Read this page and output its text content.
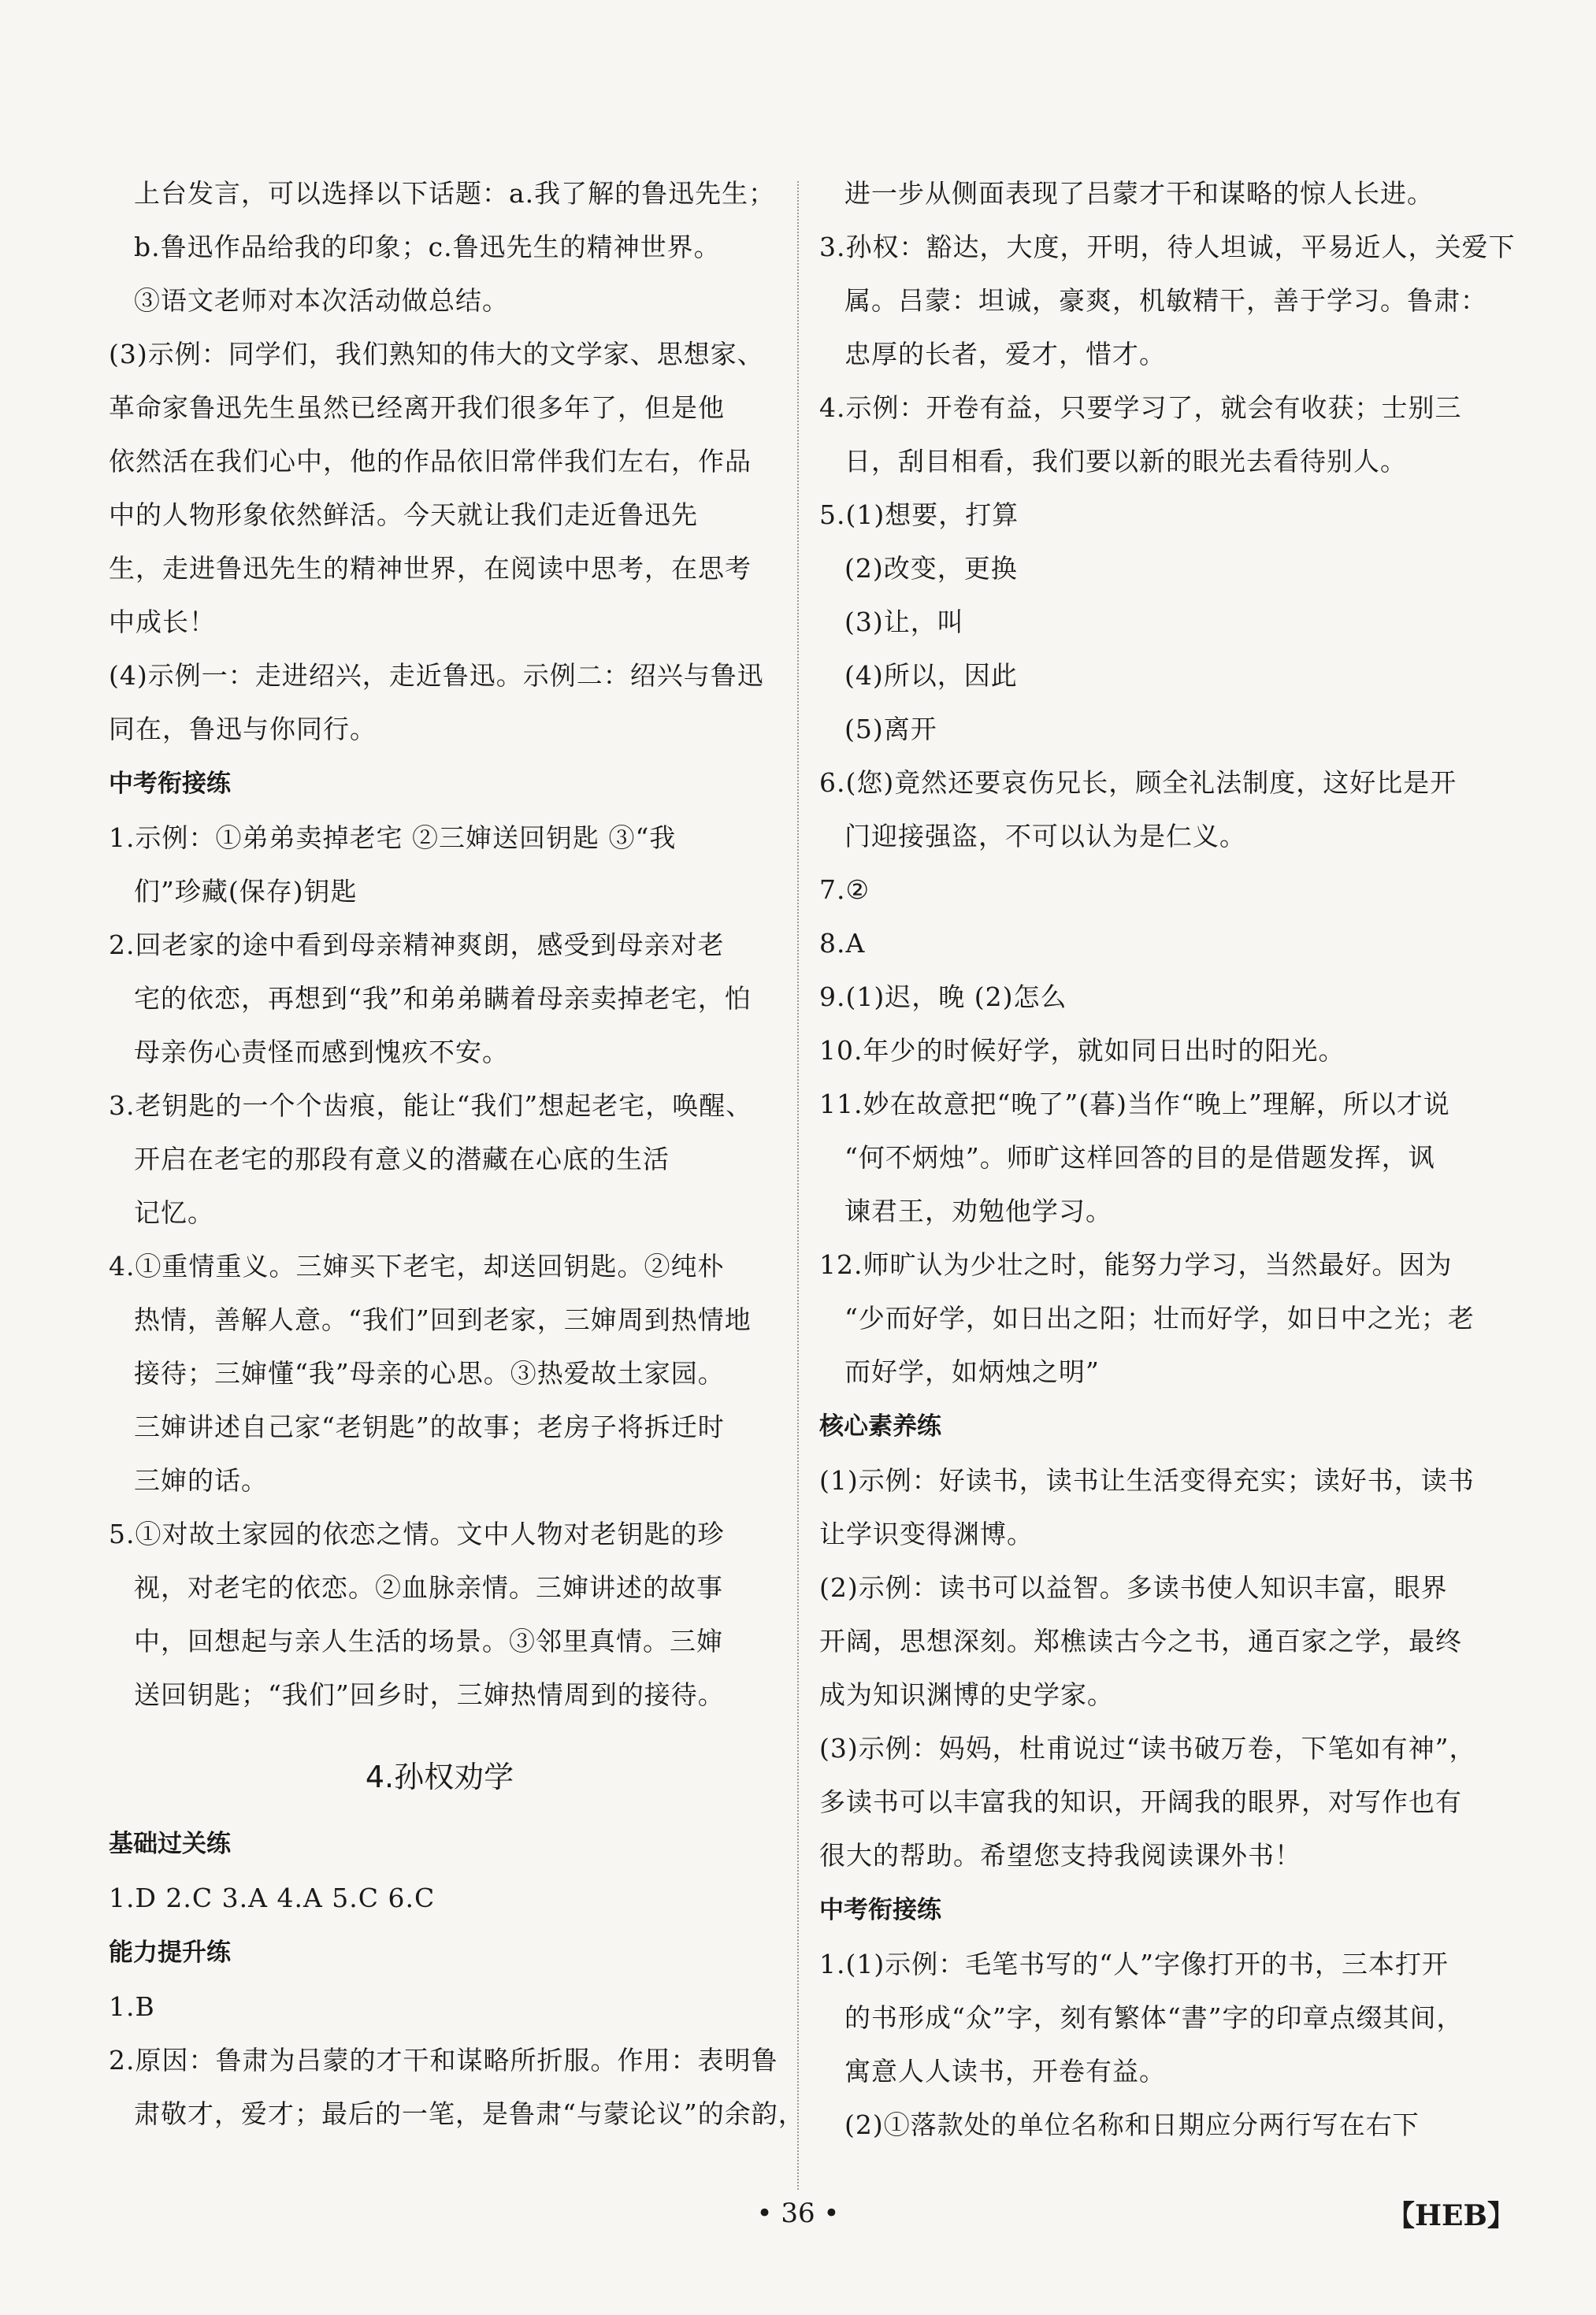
上台发言，可以选择以下话题：a.我了解的鲁迅先生；
b.鲁迅作品给我的印象；c.鲁迅先生的精神世界。
③语文老师对本次活动做总结。
(3)示例：同学们，我们熟知的伟大的文学家、思想家、
革命家鲁迅先生虽然已经离开我们很多年了，但是他
依然活在我们心中，他的作品依旧常伴我们左右，作品
中的人物形象依然鲜活。今天就让我们走近鲁迅先
生，走进鲁迅先生的精神世界，在阅读中思考，在思考
中成长！
(4)示例一：走进绍兴，走近鲁迅。示例二：绍兴与鲁迅
同在，鲁迅与你同行。
中考衔接练
1.示例：①弟弟卖掉老宅 ②三婶送回钥匙 ③“我
们”珍藏(保存)钥匙
2.回老家的途中看到母亲精神爽朗，感受到母亲对老
宅的依恋，再想到“我”和弟弟瞒着母亲卖掉老宅，怕
母亲伤心责怪而感到愧疚不安。
3.老钥匙的一个个齿痕，能让“我们”想起老宅，唤醒、
开启在老宅的那段有意义的潜藏在心底的生活
记忆。
4.①重情重义。三婶买下老宅，却送回钥匙。②纯朴
热情，善解人意。“我们”回到老家，三婶周到热情地
接待；三婶懂“我”母亲的心思。③热爱故土家园。
三婶讲述自己家“老钥匙”的故事；老房子将拆迁时
三婶的话。
5.①对故土家园的依恋之情。文中人物对老钥匙的珍
视，对老宅的依恋。②血脉亲情。三婶讲述的故事
中，回想起与亲人生活的场景。③邻里真情。三婶
送回钥匙；“我们”回乡时，三婶热情周到的接待。
4.孙权劝学
基础过关练
1.D 2.C 3.A 4.A 5.C 6.C
能力提升练
1.B
2.原因：鲁肃为吕蒙的才干和谋略所折服。作用：表明鲁
肃敬才，爱才；最后的一笔，是鲁肃“与蒙论议”的余韵，
进一步从侧面表现了吕蒙才干和谋略的惊人长进。
3.孙权：豁达，大度，开明，待人坦诚，平易近人，关爱下
属。吕蒙：坦诚，豪爽，机敏精干，善于学习。鲁肃：
忠厚的长者，爱才，惜才。
4.示例：开卷有益，只要学习了，就会有收获；士别三
日，刮目相看，我们要以新的眼光去看待别人。
5.(1)想要，打算
(2)改变，更换
(3)让，叫
(4)所以，因此
(5)离开
6.(您)竟然还要哀伤兄长，顾全礼法制度，这好比是开
门迎接强盗，不可以认为是仁义。
7.②
8.A
9.(1)迟，晚 (2)怎么
10.年少的时候好学，就如同日出时的阳光。
11.妙在故意把“晚了”(暮)当作“晚上”理解，所以才说
“何不炳烛”。师旷这样回答的目的是借题发挥，讽
谏君王，劝勉他学习。
12.师旷认为少壮之时，能努力学习，当然最好。因为
“少而好学，如日出之阳；壮而好学，如日中之光；老
而好学，如炳烛之明”
核心素养练
(1)示例：好读书，读书让生活变得充实；读好书，读书
让学识变得渊博。
(2)示例：读书可以益智。多读书使人知识丰富，眼界
开阔，思想深刻。郑樵读古今之书，通百家之学，最终
成为知识渊博的史学家。
(3)示例：妈妈，杜甫说过“读书破万卷，下笔如有神”，
多读书可以丰富我的知识，开阔我的眼界，对写作也有
很大的帮助。希望您支持我阅读课外书！
中考衔接练
1.(1)示例：毛笔书写的“人”字像打开的书，三本打开
的书形成“众”字，刻有繁体“書”字的印章点缀其间，
寓意人人读书，开卷有益。
(2)①落款处的单位名称和日期应分两行写在右下
• 36 •	【HEB】
